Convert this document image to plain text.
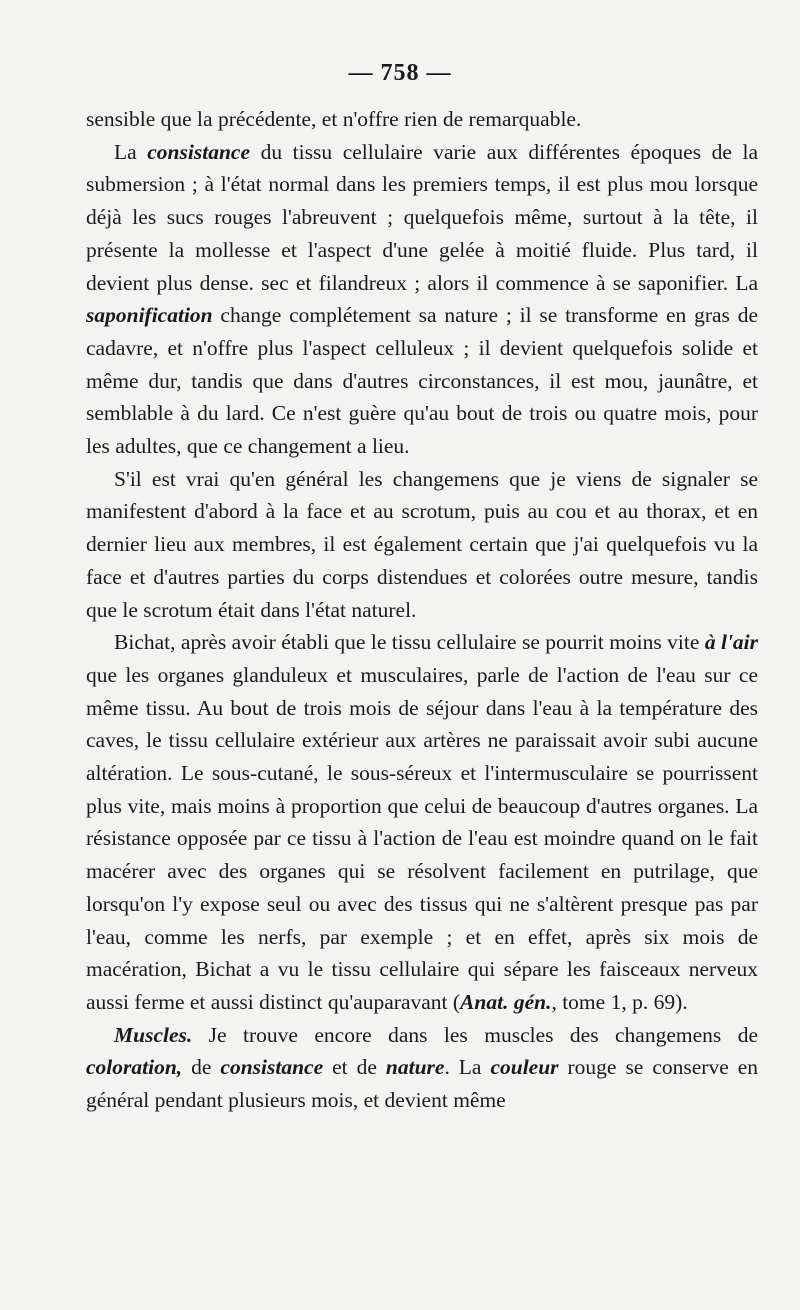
— 758 —

sensible que la précédente, et n'offre rien de remarquable.

La consistance du tissu cellulaire varie aux différentes époques de la submersion ; à l'état normal dans les premiers temps, il est plus mou lorsque déjà les sucs rouges l'abreuvent ; quelquefois même, surtout à la tête, il présente la mollesse et l'aspect d'une gelée à moitié fluide. Plus tard, il devient plus dense. sec et filandreux ; alors il commence à se saponifier. La saponification change complétement sa nature ; il se transforme en gras de cadavre, et n'offre plus l'aspect celluleux ; il devient quelquefois solide et même dur, tandis que dans d'autres circonstances, il est mou, jaunâtre, et semblable à du lard. Ce n'est guère qu'au bout de trois ou quatre mois, pour les adultes, que ce changement a lieu.

S'il est vrai qu'en général les changemens que je viens de signaler se manifestent d'abord à la face et au scrotum, puis au cou et au thorax, et en dernier lieu aux membres, il est également certain que j'ai quelquefois vu la face et d'autres parties du corps distendues et colorées outre mesure, tandis que le scrotum était dans l'état naturel.

Bichat, après avoir établi que le tissu cellulaire se pourrit moins vite à l'air que les organes glanduleux et musculaires, parle de l'action de l'eau sur ce même tissu. Au bout de trois mois de séjour dans l'eau à la température des caves, le tissu cellulaire extérieur aux artères ne paraissait avoir subi aucune altération. Le sous-cutané, le sous-séreux et l'intermusculaire se pourrissent plus vite, mais moins à proportion que celui de beaucoup d'autres organes. La résistance opposée par ce tissu à l'action de l'eau est moindre quand on le fait macérer avec des organes qui se résolvent facilement en putrilage, que lorsqu'on l'y expose seul ou avec des tissus qui ne s'altèrent presque pas par l'eau, comme les nerfs, par exemple ; et en effet, après six mois de macération, Bichat a vu le tissu cellulaire qui sépare les faisceaux nerveux aussi ferme et aussi distinct qu'auparavant (Anat. gén., tome 1, p. 69).

Muscles. Je trouve encore dans les muscles des changemens de coloration, de consistance et de nature. La couleur rouge se conserve en général pendant plusieurs mois, et devient même
